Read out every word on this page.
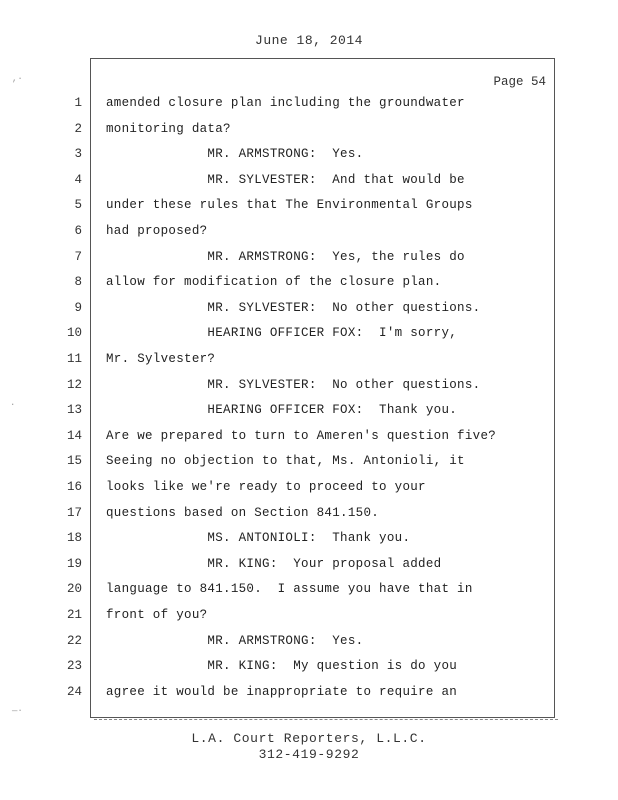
June 18, 2014
Page 54
1 amended closure plan including the groundwater
2 monitoring data?
3 MR. ARMSTRONG:  Yes.
4 MR. SYLVESTER:  And that would be
5 under these rules that The Environmental Groups
6 had proposed?
7 MR. ARMSTRONG:  Yes, the rules do
8 allow for modification of the closure plan.
9 MR. SYLVESTER:  No other questions.
10 HEARING OFFICER FOX:  I'm sorry,
11 Mr. Sylvester?
12 MR. SYLVESTER:  No other questions.
13 HEARING OFFICER FOX:  Thank you.
14 Are we prepared to turn to Ameren's question five?
15 Seeing no objection to that, Ms. Antonioli, it
16 looks like we're ready to proceed to your
17 questions based on Section 841.150.
18 MS. ANTONIOLI:  Thank you.
19 MR. KING:  Your proposal added
20 language to 841.150.  I assume you have that in
21 front of you?
22 MR. ARMSTRONG:  Yes.
23 MR. KING:  My question is do you
24 agree it would be inappropriate to require an
L.A. Court Reporters, L.L.C.
312-419-9292
,·
·
—·
